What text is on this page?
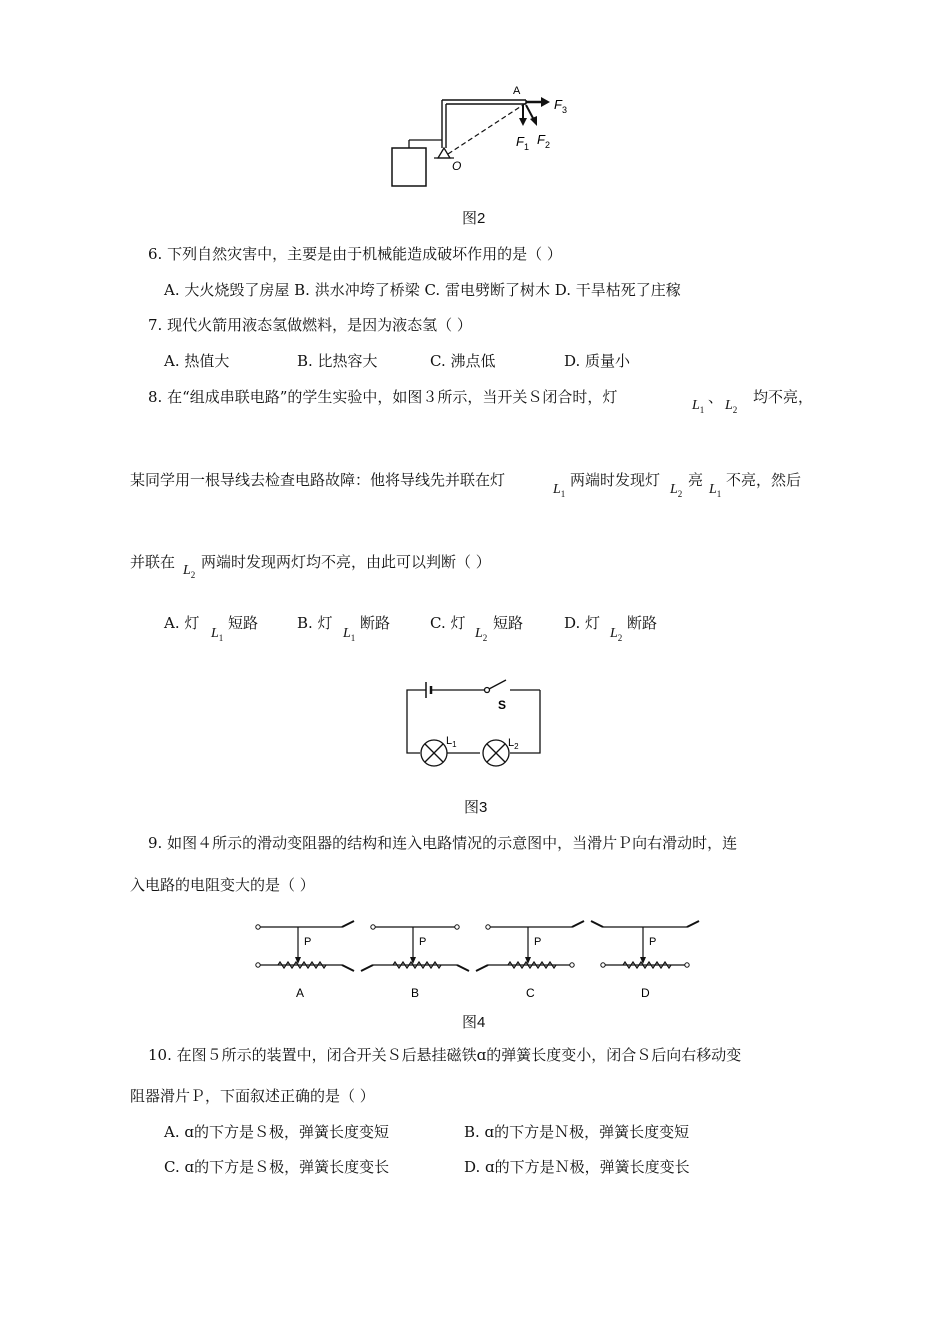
A
O
$F_3$
$F_1$ $F_2$
图2
6. 下列自然灾害中，主要是由于机械能造成破坏作用的是（ ）
A. 大火烧毁了房屋 B. 洪水冲垮了桥梁 C. 雷电劈断了树木 D. 干旱枯死了庄稼
7. 现代火箭用液态氢做燃料，是因为液态氢（ ）
A. 热值大	B. 比热容大	C. 沸点低	D. 质量小
8. 在“组成串联电路”的学生实验中，如图３所示，当开关Ｓ闭合时，灯	$L_1$
、 $L_2$
均不亮，
某同学用一根导线去检查电路故障：他将导线先并联在灯
$L_1$
两端时发现灯
$L_2$
亮
$L_1$
不亮，然后
并联在 $L_2$
两端时发现两灯均不亮，由此可以判断（ ）
A. 灯
$L_1$
短路	B. 灯
$L_1$
断路	C. 灯
$L_2$
短路	D. 灯
$L_2$
断路
S
$L_1$	$L_2$
图3
9. 如图４所示的滑动变阻器的结构和连入电路情况的示意图中，当滑片Ｐ向右滑动时，连
入电路的电阻变大的是（ ）
P
A
P
B
P
C
P
D
图4
10. 在图５所示的装置中，闭合开关Ｓ后悬挂磁铁ɑ的弹簧长度变小，闭合Ｓ后向右移动变
阻器滑片Ｐ，下面叙述正确的是（ ）
A. ɑ的下方是Ｓ极，弹簧长度变短	B. ɑ的下方是Ｎ极，弹簧长度变短
C. ɑ的下方是Ｓ极，弹簧长度变长	D. ɑ的下方是Ｎ极，弹簧长度变长
